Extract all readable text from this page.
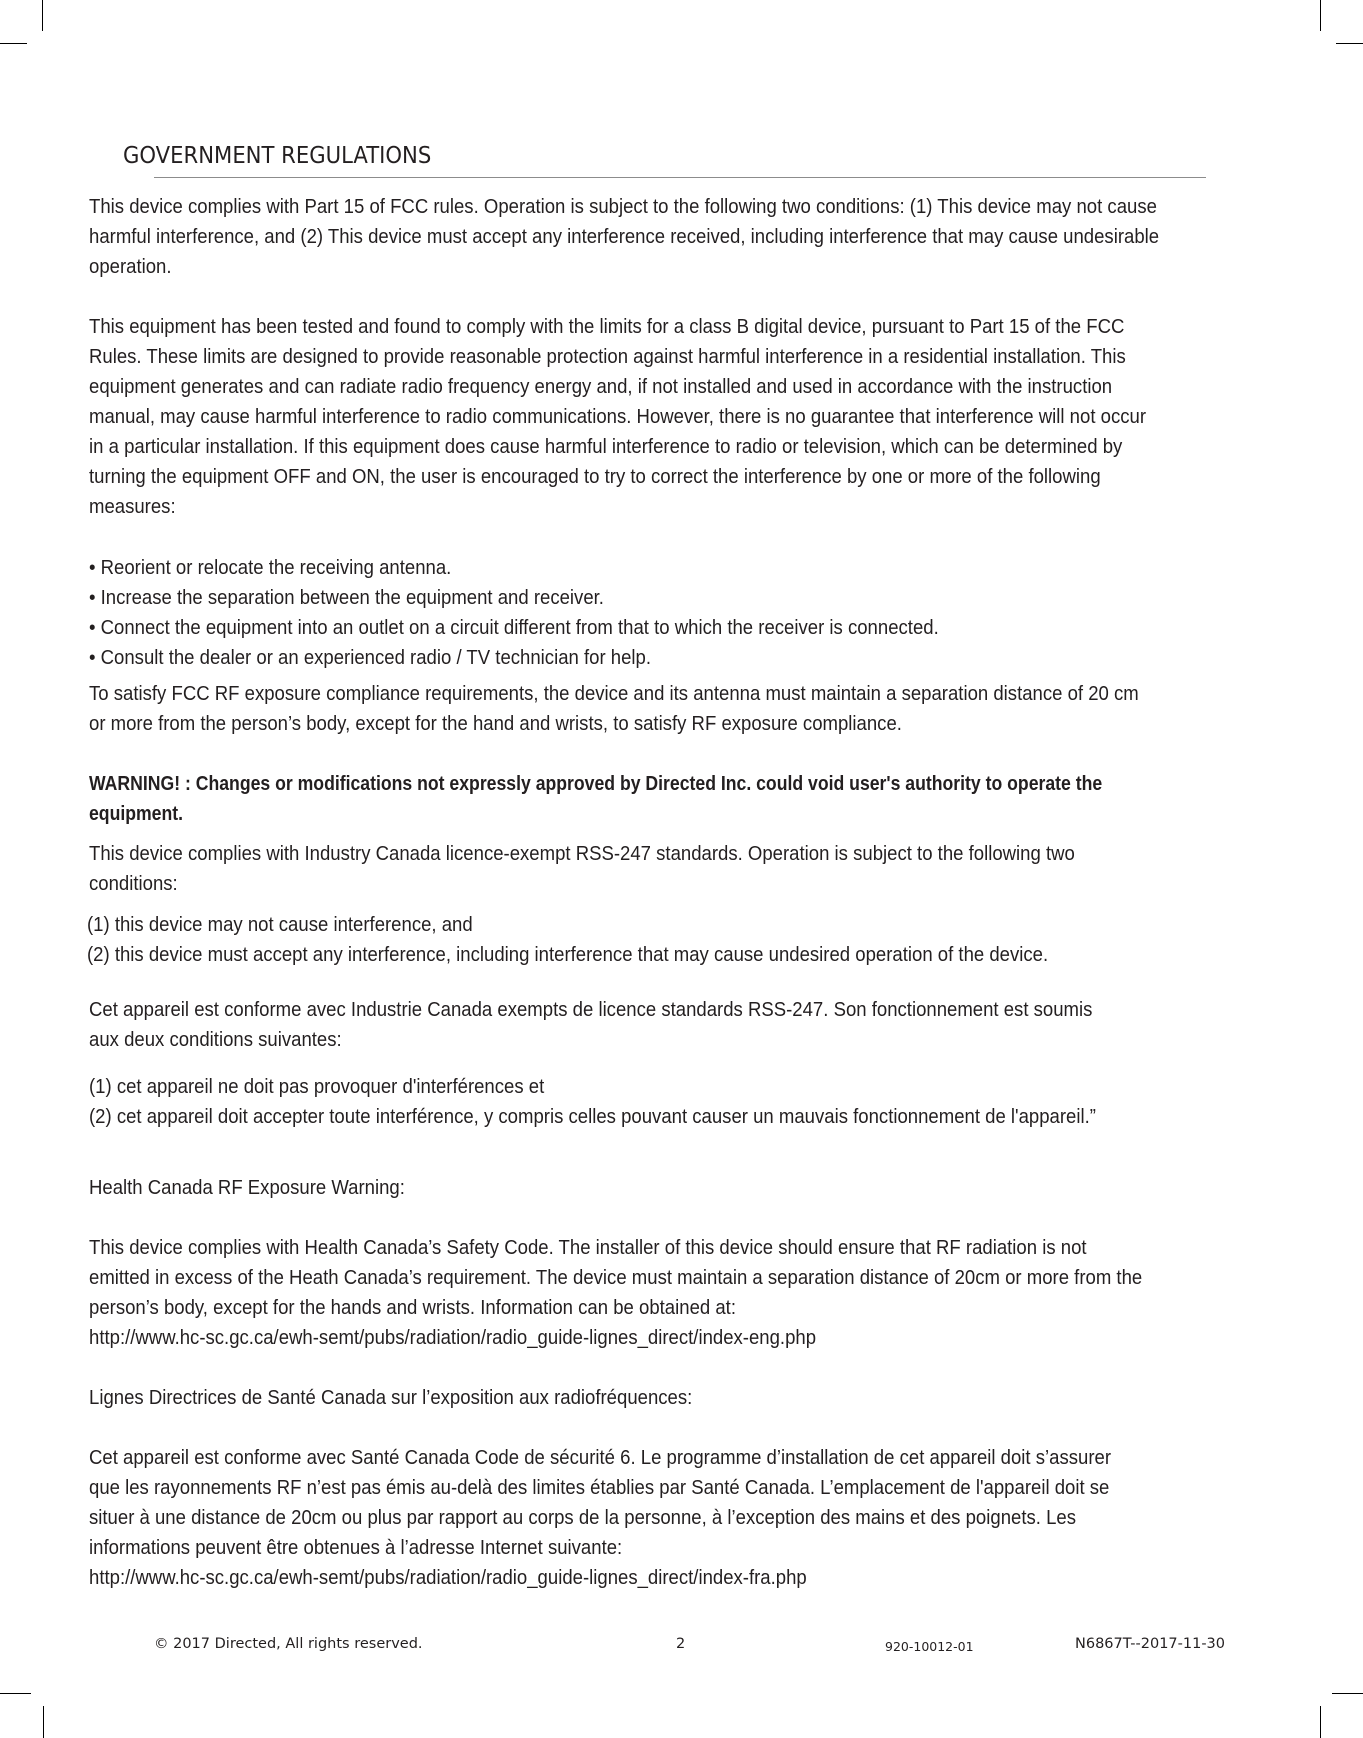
GOVERNMENT REGULATIONS

This device complies with Part 15 of FCC rules. Operation is subject to the following two conditions: (1) This device may not cause

harmful interference, and (2) This device must accept any interference received, including interference that may cause undesirable

operation.

This equipment has been tested and found to comply with the limits for a class B digital device, pursuant to Part 15 of the FCC

Rules. These limits are designed to provide reasonable protection against harmful interference in a residential installation. This

equipment generates and can radiate radio frequency energy and, if not installed and used in accordance with the instruction

manual, may cause harmful interference to radio communications. However, there is no guarantee that interference will not occur

in a particular installation. If this equipment does cause harmful interference to radio or television, which can be determined by

turning the equipment OFF and ON, the user is encouraged to try to correct the interference by one or more of the following

measures:

• Reorient or relocate the receiving antenna.

• Increase the separation between the equipment and receiver.

• Connect the equipment into an outlet on a circuit different from that to which the receiver is connected.

• Consult the dealer or an experienced radio / TV technician for help.

To satisfy FCC RF exposure compliance requirements, the device and its antenna must maintain a separation distance of 20 cm

or more from the person’s body, except for the hand and wrists, to satisfy RF exposure compliance.

WARNING! : Changes or modifications not expressly approved by Directed Inc. could void user's authority to operate the

equipment.

This device complies with Industry Canada licence-exempt RSS-247 standards. Operation is subject to the following two

conditions:

(1) this device may not cause interference, and

(2) this device must accept any interference, including interference that may cause undesired operation of the device.

Cet appareil est conforme avec Industrie Canada exempts de licence standards RSS-247. Son fonctionnement est soumis

aux deux conditions suivantes:

(1) cet appareil ne doit pas provoquer d'interférences et

(2) cet appareil doit accepter toute interférence, y compris celles pouvant causer un mauvais fonctionnement de l'appareil.”

Health Canada RF Exposure Warning:

This device complies with Health Canada’s Safety Code. The installer of this device should ensure that RF radiation is not

emitted in excess of the Heath Canada’s requirement. The device must maintain a separation distance of 20cm or more from the

person’s body, except for the hands and wrists. Information can be obtained at:

http://www.hc-sc.gc.ca/ewh-semt/pubs/radiation/radio_guide-lignes_direct/index-eng.php

Lignes Directrices de Santé Canada sur l’exposition aux radiofréquences:

Cet appareil est conforme avec Santé Canada Code de sécurité 6. Le programme d’installation de cet appareil doit s’assurer

que les rayonnements RF n’est pas émis au-delà des limites établies par Santé Canada. L’emplacement de l'appareil doit se

situer à une distance de 20cm ou plus par rapport au corps de la personne, à l’exception des mains et des poignets. Les

informations peuvent être obtenues à l’adresse Internet suivante:

http://www.hc-sc.gc.ca/ewh-semt/pubs/radiation/radio_guide-lignes_direct/index-fra.php

© 2017 Directed, All rights reserved.	2	920-10012-01	N6867T--2017-11-30
